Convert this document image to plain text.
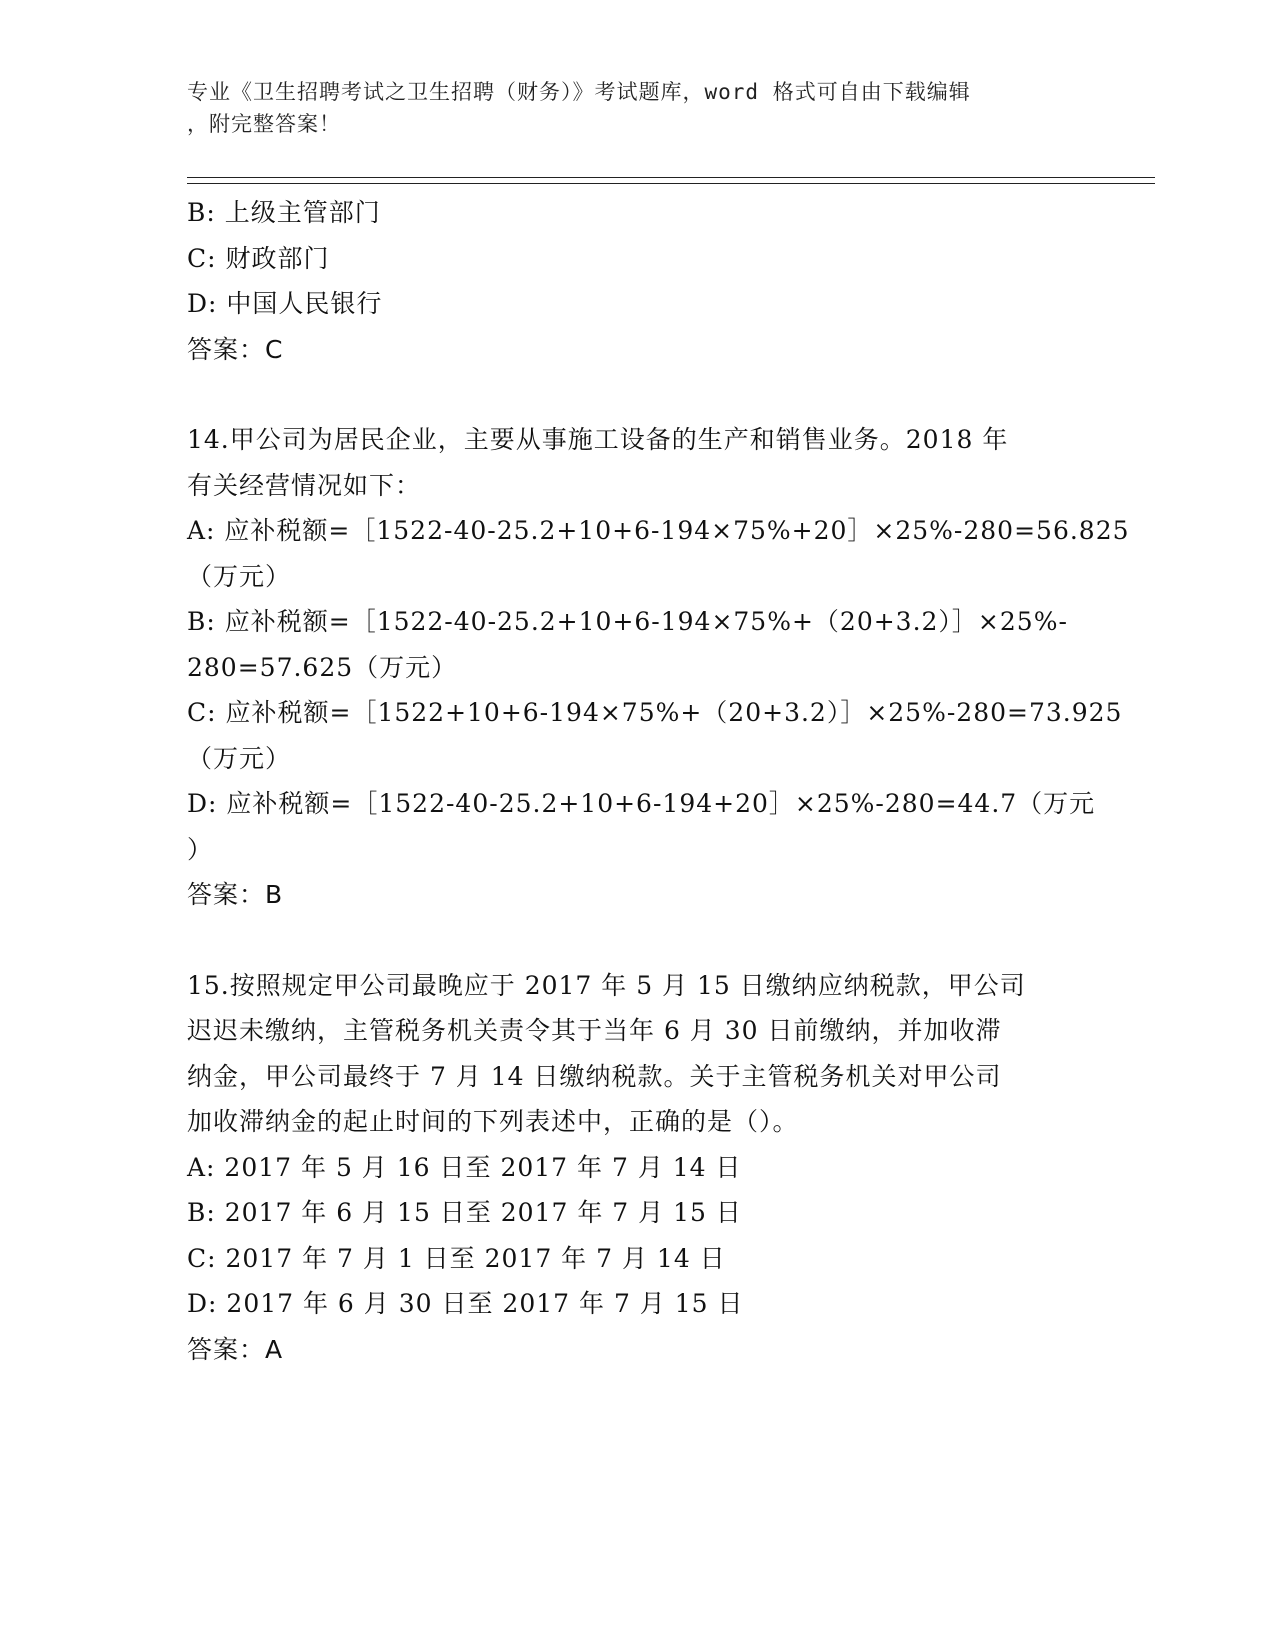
专业《卫生招聘考试之卫生招聘（财务）》考试题库，word 格式可自由下载编辑
，附完整答案！
B: 上级主管部门
C: 财政部门
D: 中国人民银行
答案：C
14.甲公司为居民企业，主要从事施工设备的生产和销售业务。2018 年
有关经营情况如下：
A: 应补税额=［1522-40-25.2+10+6-194×75%+20］×25%-280=56.825
（万元）
B: 应补税额=［1522-40-25.2+10+6-194×75%+（20+3.2）］×25%-
280=57.625（万元）
C: 应补税额=［1522+10+6-194×75%+（20+3.2）］×25%-280=73.925
（万元）
D: 应补税额=［1522-40-25.2+10+6-194+20］×25%-280=44.7（万元
）
答案：B
15.按照规定甲公司最晚应于 2017 年 5 月 15 日缴纳应纳税款，甲公司
迟迟未缴纳，主管税务机关责令其于当年 6 月 30 日前缴纳，并加收滞
纳金，甲公司最终于 7 月 14 日缴纳税款。关于主管税务机关对甲公司
加收滞纳金的起止时间的下列表述中，正确的是（）。
A: 2017 年 5 月 16 日至 2017 年 7 月 14 日
B: 2017 年 6 月 15 日至 2017 年 7 月 15 日
C: 2017 年 7 月 1 日至 2017 年 7 月 14 日
D: 2017 年 6 月 30 日至 2017 年 7 月 15 日
答案：A
